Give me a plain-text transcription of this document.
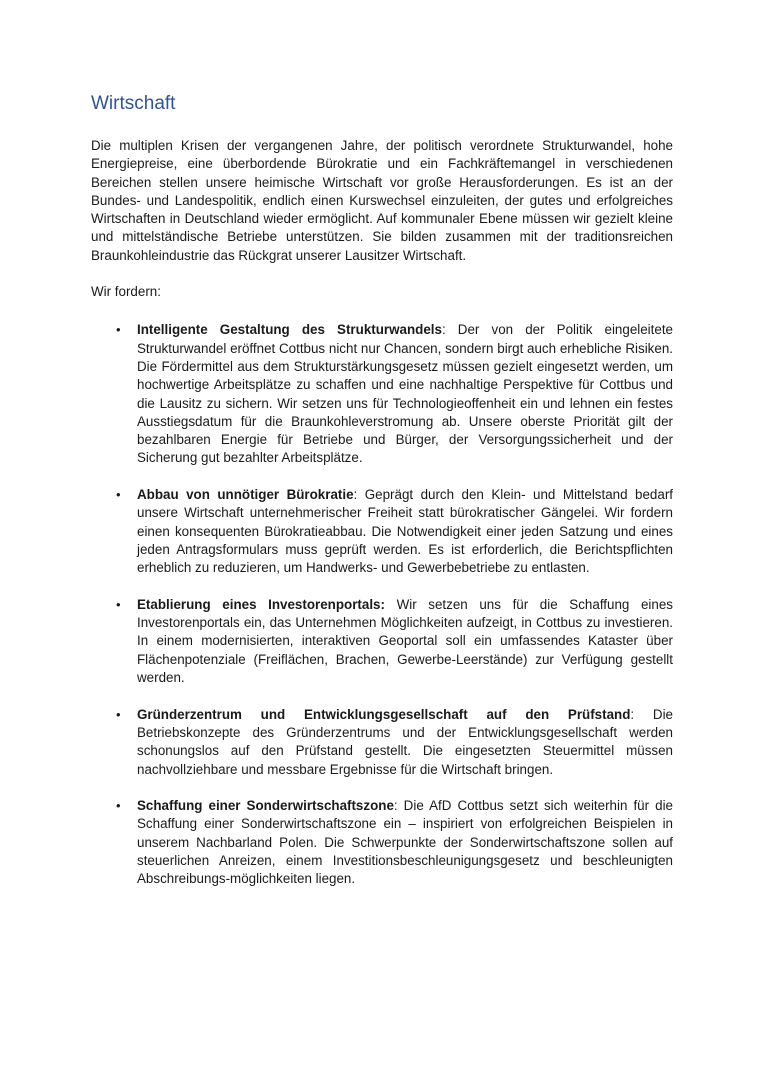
Wirtschaft

Die multiplen Krisen der vergangenen Jahre, der politisch verordnete Strukturwandel, hohe Energiepreise, eine überbordende Bürokratie und ein Fachkräftemangel in verschiedenen Bereichen stellen unsere heimische Wirtschaft vor große Herausforderungen. Es ist an der Bundes- und Landespolitik, endlich einen Kurswechsel einzuleiten, der gutes und erfolgreiches Wirtschaften in Deutschland wieder ermöglicht. Auf kommunaler Ebene müssen wir gezielt kleine und mittelständische Betriebe unterstützen. Sie bilden zusammen mit der traditionsreichen Braunkohleindustrie das Rückgrat unserer Lausitzer Wirtschaft.

Wir fordern:

• Intelligente Gestaltung des Strukturwandels: Der von der Politik eingeleitete Strukturwandel eröffnet Cottbus nicht nur Chancen, sondern birgt auch erhebliche Risiken. Die Fördermittel aus dem Strukturstärkungsgesetz müssen gezielt eingesetzt werden, um hochwertige Arbeitsplätze zu schaffen und eine nachhaltige Perspektive für Cottbus und die Lausitz zu sichern. Wir setzen uns für Technologieoffenheit ein und lehnen ein festes Ausstiegsdatum für die Braunkohleverstromung ab. Unsere oberste Priorität gilt der bezahlbaren Energie für Betriebe und Bürger, der Versorgungssicherheit und der Sicherung gut bezahlter Arbeitsplätze.
• Abbau von unnötiger Bürokratie: Geprägt durch den Klein- und Mittelstand bedarf unsere Wirtschaft unternehmerischer Freiheit statt bürokratischer Gängelei. Wir fordern einen konsequenten Bürokratieabbau. Die Notwendigkeit einer jeden Satzung und eines jeden Antragsformulars muss geprüft werden. Es ist erforderlich, die Berichtspflichten erheblich zu reduzieren, um Handwerks- und Gewerbebetriebe zu entlasten.
• Etablierung eines Investorenportals: Wir setzen uns für die Schaffung eines Investorenportals ein, das Unternehmen Möglichkeiten aufzeigt, in Cottbus zu investieren. In einem modernisierten, interaktiven Geoportal soll ein umfassendes Kataster über Flächenpotenziale (Freiflächen, Brachen, Gewerbe-Leerstände) zur Verfügung gestellt werden.
• Gründerzentrum und Entwicklungsgesellschaft auf den Prüfstand: Die Betriebskonzepte des Gründerzentrums und der Entwicklungsgesellschaft werden schonungslos auf den Prüfstand gestellt. Die eingesetzten Steuermittel müssen nachvollziehbare und messbare Ergebnisse für die Wirtschaft bringen.
• Schaffung einer Sonderwirtschaftszone: Die AfD Cottbus setzt sich weiterhin für die Schaffung einer Sonderwirtschaftszone ein – inspiriert von erfolgreichen Beispielen in unserem Nachbarland Polen. Die Schwerpunkte der Sonderwirtschaftszone sollen auf steuerlichen Anreizen, einem Investitionsbeschleunigungsgesetz und beschleunigten Abschreibungs-möglichkeiten liegen.
